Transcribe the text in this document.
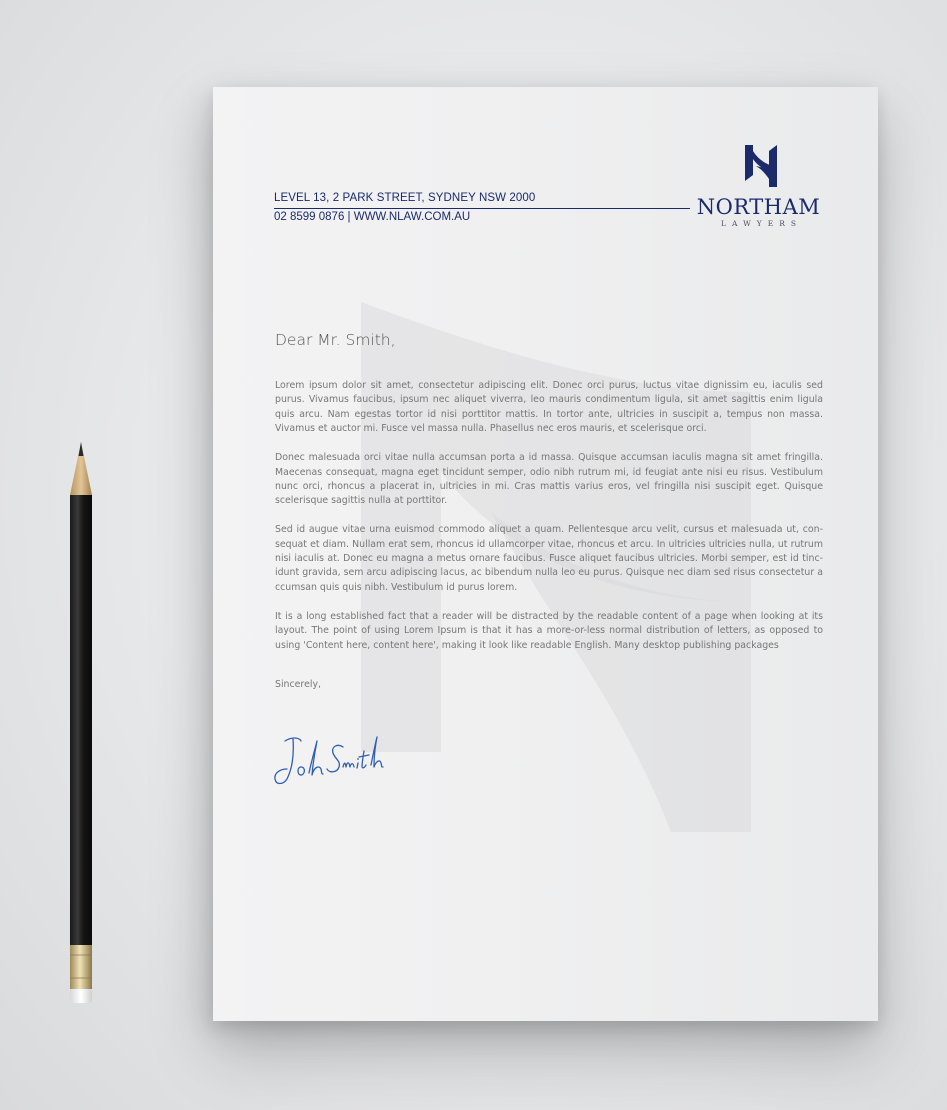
LEVEL 13, 2 PARK STREET, SYDNEY NSW 2000
02 8599 0876 | WWW.NLAW.COM.AU	NORTHAM
LAWYERS
Dear Mr. Smith,

Lorem ipsum dolor sit amet, consectetur adipiscing elit. Donec orci purus, luctus vitae dignissim eu, iaculis sed purus. Vivamus faucibus, ipsum nec aliquet viverra, leo mauris condimentum ligula, sit amet sagittis enim ligula quis arcu. Nam egestas tortor id nisi porttitor mattis. In tortor ante, ultricies in suscipit a, tempus non massa. Vivamus et auctor mi. Fusce vel massa nulla. Phasellus nec eros mauris, et scelerisque orci.

Donec malesuada orci vitae nulla accumsan porta a id massa. Quisque accumsan iaculis magna sit amet fringilla. Maecenas consequat, magna eget tincidunt semper, odio nibh rutrum mi, id feugiat ante nisi eu risus. Vestibulum nunc orci, rhoncus a placerat in, ultricies in mi. Cras mattis varius eros, vel fringilla nisi suscipit eget. Quisque scelerisque sagittis nulla at porttitor.

Sed id augue vitae urna euismod commodo aliquet a quam. Pellentesque arcu velit, cursus et malesuada ut, consequat et diam. Nullam erat sem, rhoncus id ullamcorper vitae, rhoncus et arcu. In ultricies ultricies nulla, ut rutrum nisi iaculis at. Donec eu magna a metus ornare faucibus. Fusce aliquet faucibus ultricies. Morbi semper, est id tincidunt gravida, sem arcu adipiscing lacus, ac bibendum nulla leo eu purus. Quisque nec diam sed risus consectetur a ccumsan quis quis nibh. Vestibulum id purus lorem.

It is a long established fact that a reader will be distracted by the readable content of a page when looking at its layout. The point of using Lorem Ipsum is that it has a more-or-less normal distribution of letters, as opposed to using 'Content here, content here', making it look like readable English. Many desktop publishing packages

Sincerely,
